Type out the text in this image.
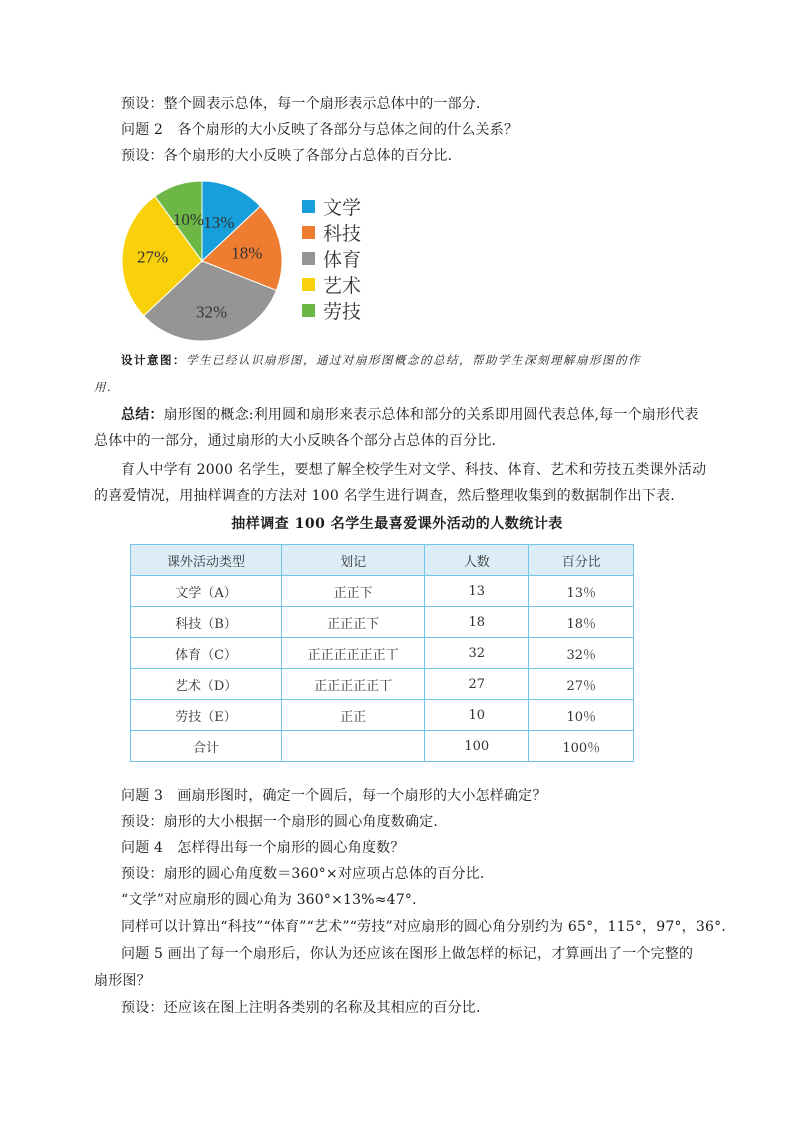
预设：整个圆表示总体，每一个扇形表示总体中的一部分．
问题 2　各个扇形的大小反映了各部分与总体之间的什么关系？
预设：各个扇形的大小反映了各部分占总体的百分比．
13%
18%
32%
27%
10%
文学
科技
体育
艺术
劳技
设计意图：学生已经认识扇形图，通过对扇形图概念的总结，帮助学生深刻理解扇形图的作
用.
总结：扇形图的概念:利用圆和扇形来表示总体和部分的关系即用圆代表总体,每一个扇形代表
总体中的一部分，通过扇形的大小反映各个部分占总体的百分比．
育人中学有 2000 名学生，要想了解全校学生对文学、科技、体育、艺术和劳技五类课外活动
的喜爱情况，用抽样调查的方法对 100 名学生进行调查，然后整理收集到的数据制作出下表.
抽样调查 100 名学生最喜爱课外活动的人数统计表
课外活动类型	划记	人数	百分比
文学（A）	正正下	13	13％
科技（B）	正正正下	18	18％
体育（C）	正正正正正正丅	32	32％
艺术（D）	正正正正正丅	27	27％
劳技（E）	正正	10	10％
合计		100	100％
问题 3　画扇形图时，确定一个圆后，每一个扇形的大小怎样确定？
预设：扇形的大小根据一个扇形的圆心角度数确定.
问题 4　怎样得出每一个扇形的圆心角度数？
预设：扇形的圆心角度数＝360°×对应项占总体的百分比．
“文学”对应扇形的圆心角为 360°×13%≈47°.
同样可以计算出“科技”“体育”“艺术”“劳技”对应扇形的圆心角分别约为 65°，115°，97°，36°.
问题 5 画出了每一个扇形后，你认为还应该在图形上做怎样的标记，才算画出了一个完整的
扇形图？
预设：还应该在图上注明各类别的名称及其相应的百分比．
